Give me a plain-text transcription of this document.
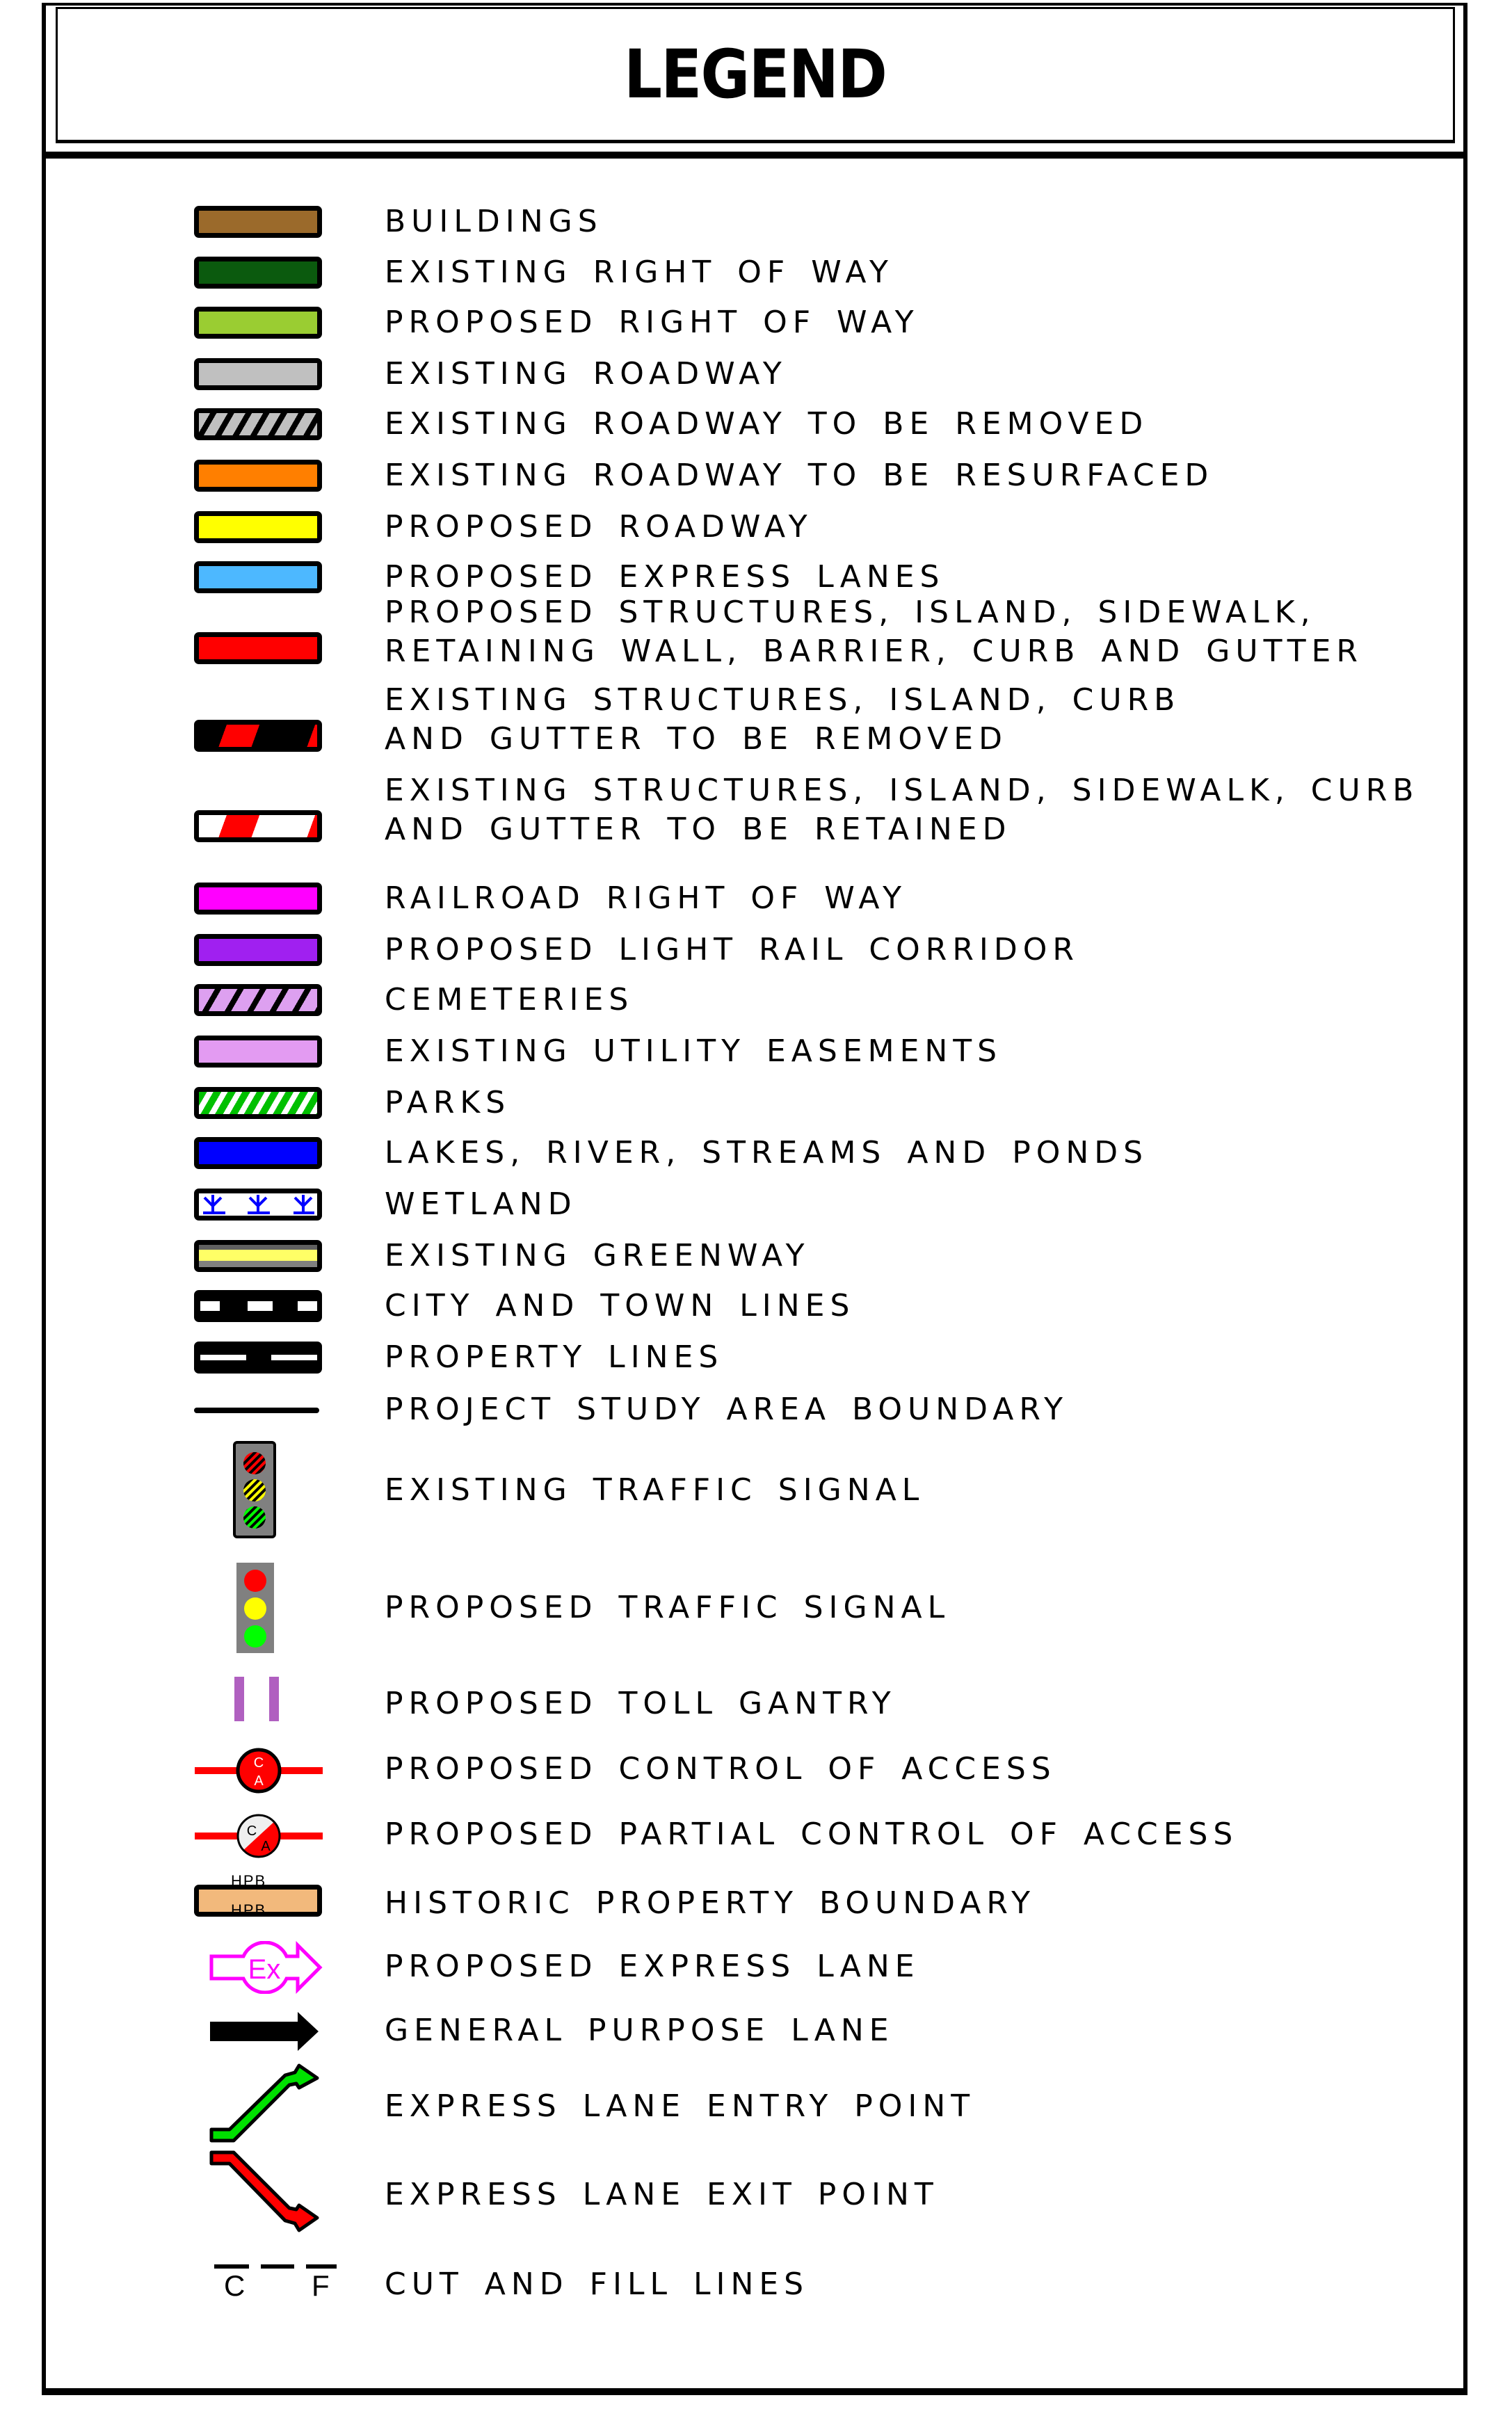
LEGEND
BUILDINGS
EXISTING RIGHT OF WAY
PROPOSED RIGHT OF WAY
EXISTING ROADWAY
EXISTING ROADWAY TO BE REMOVED
EXISTING ROADWAY TO BE RESURFACED
PROPOSED ROADWAY
PROPOSED EXPRESS LANES
PROPOSED STRUCTURES, ISLAND, SIDEWALK,
RETAINING WALL, BARRIER, CURB AND GUTTER
EXISTING STRUCTURES, ISLAND, CURB
AND GUTTER TO BE REMOVED
EXISTING STRUCTURES, ISLAND, SIDEWALK, CURB
AND GUTTER TO BE RETAINED
RAILROAD RIGHT OF WAY
PROPOSED LIGHT RAIL CORRIDOR
CEMETERIES
EXISTING UTILITY EASEMENTS
PARKS
LAKES, RIVER, STREAMS AND PONDS
WETLAND
EXISTING GREENWAY
CITY AND TOWN LINES
PROPERTY LINES
PROJECT STUDY AREA BOUNDARY
EXISTING TRAFFIC SIGNAL
PROPOSED TRAFFIC SIGNAL
PROPOSED TOLL GANTRY
C
A	PROPOSED CONTROL OF ACCESS
C
A	PROPOSED PARTIAL CONTROL OF ACCESS
HPB
HPB	HISTORIC PROPERTY BOUNDARY
Ex	PROPOSED EXPRESS LANE
GENERAL PURPOSE LANE
EXPRESS LANE ENTRY POINT
EXPRESS LANE EXIT POINT
C F CUT AND FILL LINES
